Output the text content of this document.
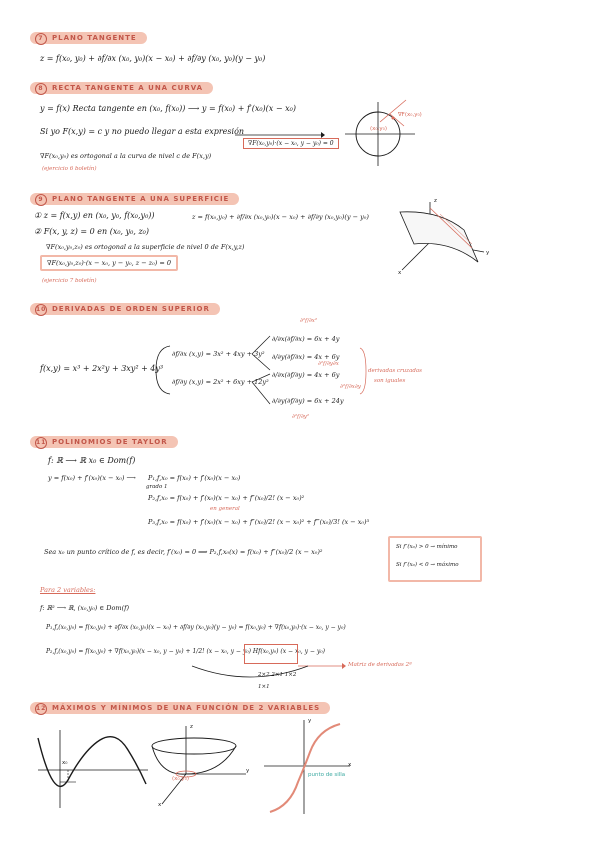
7	PLANO TANGENTE
z = f(x₀, y₀) + ∂f/∂x (x₀, y₀)(x − x₀) + ∂f/∂y (x₀, y₀)(y − y₀)
8	RECTA TANGENTE A UNA CURVA
y = f(x) Recta tangente en (x₀, f(x₀)) ⟶ y = f(x₀) + f′(x₀)(x − x₀)
Si yo F(x,y) = c y no puedo llegar a esta expresión
∇F(x₀,y₀)·(x − x₀, y − y₀) = 0
∇F(x₀,y₀) es ortogonal a la curva de nivel c de F(x,y)
(ejercicio 6 boletín)
∇F(x₀,y₀)
(x₀,y₀)
9	PLANO TANGENTE A UNA SUPERFICIE
① z = f(x,y) en (x₀, y₀, f(x₀,y₀))	z = f(x₀,y₀) + ∂f/∂x (x₀,y₀)(x − x₀) + ∂f/∂y (x₀,y₀)(y − y₀)
② F(x, y, z) = 0 en (x₀, y₀, z₀)
∇F(x₀,y₀,z₀) es ortogonal a la superficie de nivel 0 de F(x,y,z)
∇F(x₀,y₀,z₀)·(x − x₀, y − y₀, z − z₀) = 0
(ejercicio 7 boletín)
z
y
x
10 DERIVADAS DE ORDEN SUPERIOR
f(x,y) = x³ + 2x²y + 3xy² + 4y³
∂f/∂x (x,y) = 3x² + 4xy + 3y²
∂f/∂y (x,y) = 2x² + 6xy + 12y²
∂/∂x(∂f/∂x) = 6x + 4y
∂/∂y(∂f/∂x) = 4x + 6y
∂/∂x(∂f/∂y) = 4x + 6y
∂/∂y(∂f/∂y) = 6x + 24y
∂²f/∂x²
∂²f/∂y∂x
∂²f/∂x∂y
∂²f/∂y²
derivadas cruzadas
son iguales
11 POLINOMIOS DE TAYLOR
f: ℝ ⟶ ℝ x₀ ∈ Dom(f)
y = f(x₀) + f′(x₀)(x − x₀) ⟶ P₁,f,x₀ = f(x₀) + f′(x₀)(x − x₀)
grado 1
P₂,f,x₀ = f(x₀) + f′(x₀)(x − x₀) + f″(x₀)/2! (x − x₀)²
en general
P₃,f,x₀ = f(x₀) + f′(x₀)(x − x₀) + f″(x₀)/2! (x − x₀)² + f‴(x₀)/3! (x − x₀)³
Sea x₀ un punto crítico de f, es decir, f′(x₀) = 0 ⟹ P₂,f,x₀(x) = f(x₀) + f″(x₀)/2 (x − x₀)²
Si f″(x₀) > 0 → mínimo
Si f″(x₀) < 0 → máximo
Para 2 variables:
f: ℝ² ⟶ ℝ, (x₀,y₀) ∈ Dom(f)
P₁,f,(x₀,y₀) = f(x₀,y₀) + ∂f/∂x (x₀,y₀)(x − x₀) + ∂f/∂y (x₀,y₀)(y − y₀) = f(x₀,y₀) + ∇f(x₀,y₀)·(x − x₀, y − y₀)
P₂,f,(x₀,y₀) = f(x₀,y₀) + ∇f(x₀,y₀)(x − x₀, y − y₀) + 1/2! (x − x₀, y − y₀) Hf(x₀,y₀) (x − x₀, y − y₀)
Matriz de derivadas 2ª
2×2 2×1 1×2
1×1
12 MÁXIMOS Y MÍNIMOS DE UNA FUNCIÓN DE 2 VARIABLES
x₀
z
y
x
(x₀,y₀)
y
x
punto de silla
